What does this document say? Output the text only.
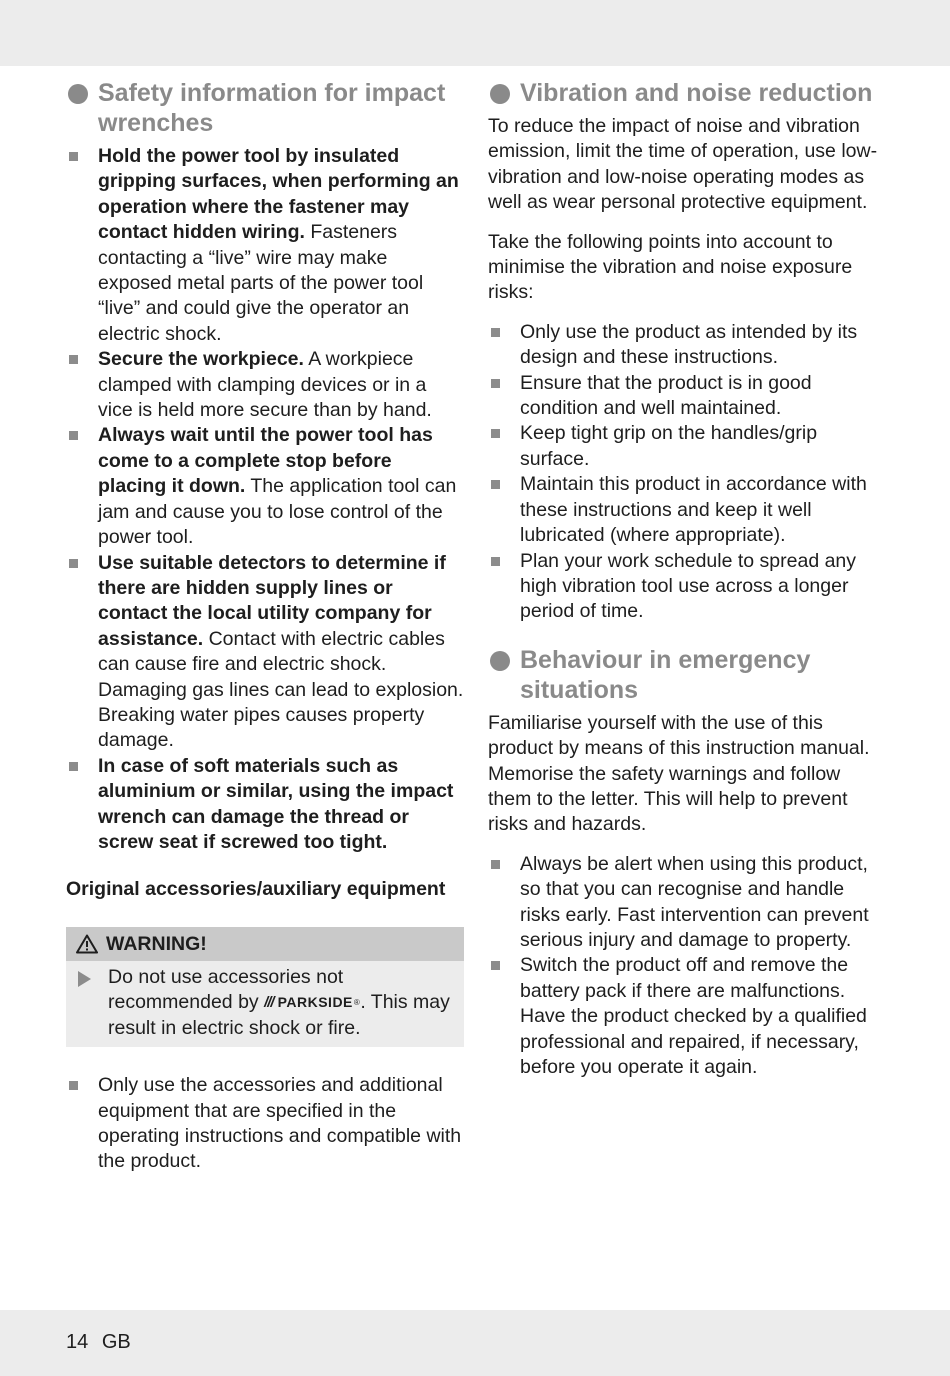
Safety information for impact wrenches
Hold the power tool by insulated gripping surfaces, when performing an operation where the fastener may contact hidden wiring. Fasteners contacting a “live” wire may make exposed metal parts of the power tool “live” and could give the operator an electric shock.
Secure the workpiece. A workpiece clamped with clamping devices or in a vice is held more secure than by hand.
Always wait until the power tool has come to a complete stop before placing it down. The application tool can jam and cause you to lose control of the power tool.
Use suitable detectors to determine if there are hidden supply lines or contact the local utility company for assistance. Contact with electric cables can cause fire and electric shock. Damaging gas lines can lead to explosion. Breaking water pipes causes property damage.
In case of soft materials such as aluminium or similar, using the impact wrench can damage the thread or screw seat if screwed too tight.
Original accessories/auxiliary equipment
WARNING!
Do not use accessories not recommended by /// PARKSIDE ® . This may result in electric shock or fire.
Only use the accessories and additional equipment that are specified in the operating instructions and compatible with the product.
Vibration and noise reduction

To reduce the impact of noise and vibration emission, limit the time of operation, use low-vibration and low-noise operating modes as well as wear personal protective equipment.

Take the following points into account to minimise the vibration and noise exposure risks:

Only use the product as intended by its design and these instructions.
Ensure that the product is in good condition and well maintained.
Keep tight grip on the handles/grip surface.
Maintain this product in accordance with these instructions and keep it well lubricated (where appropriate).
Plan your work schedule to spread any high vibration tool use across a longer period of time.
Behaviour in emergency situations

Familiarise yourself with the use of this product by means of this instruction manual. Memorise the safety warnings and follow them to the letter. This will help to prevent risks and hazards.

Always be alert when using this product, so that you can recognise and handle risks early. Fast intervention can prevent serious injury and damage to property.
Switch the product off and remove the battery pack if there are malfunctions. Have the product checked by a qualified professional and repaired, if necessary, before you operate it again.
14 GB
